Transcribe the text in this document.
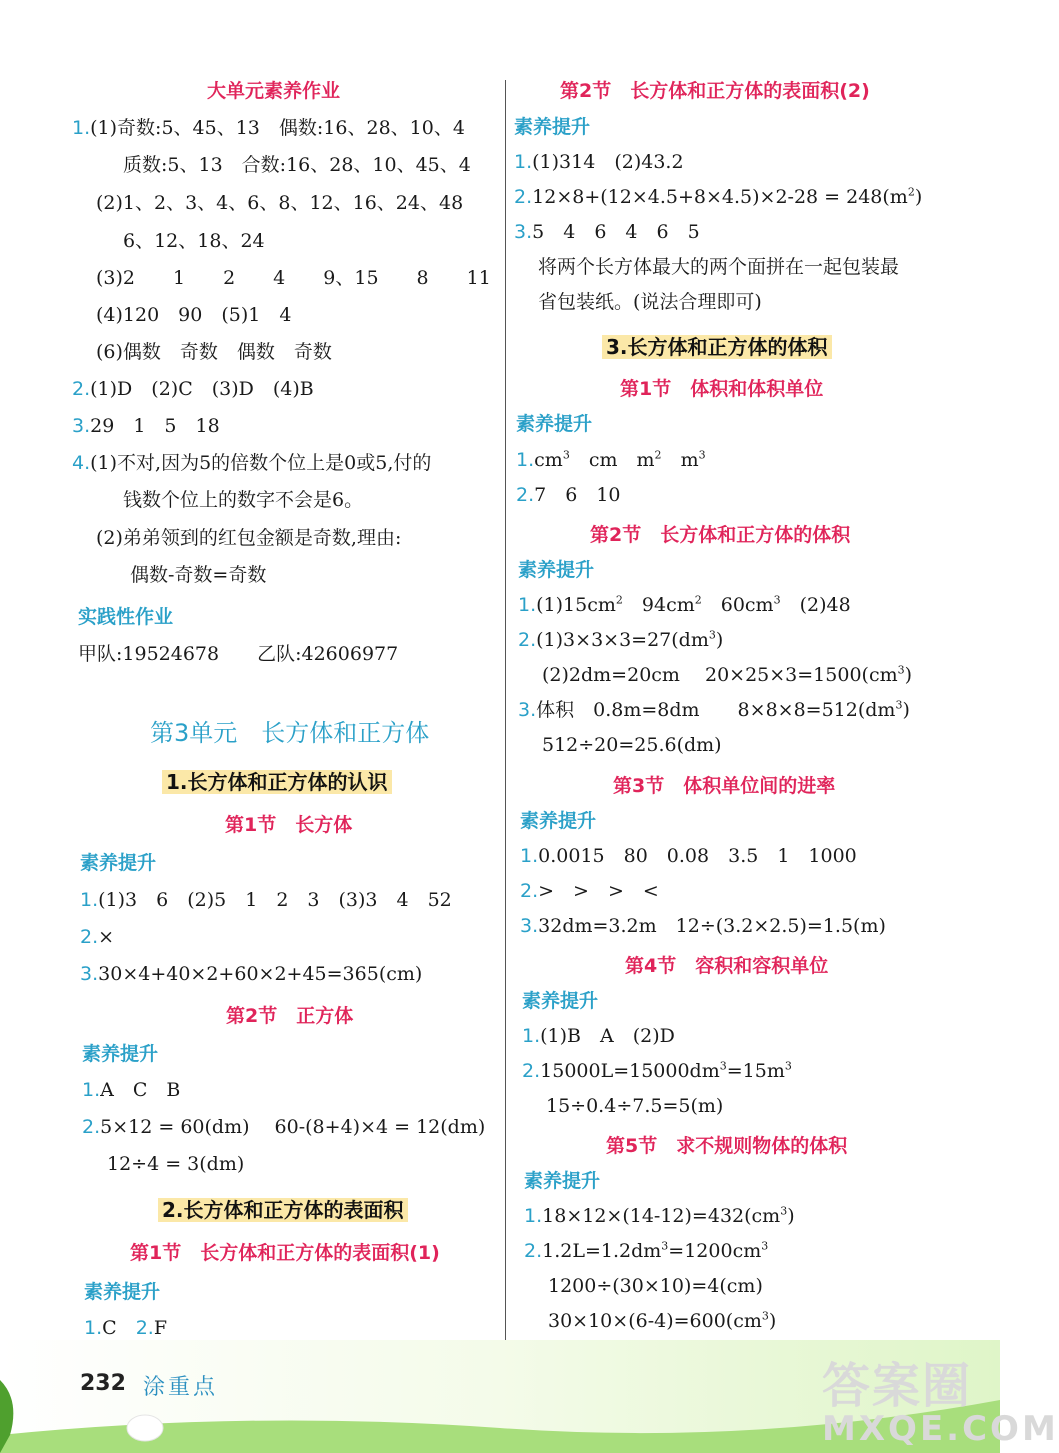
大单元素养作业
1.(1)奇数:5、45、13　偶数:16、28、10、4
质数:5、13　合数:16、28、10、45、4
(2)1、2、3、4、6、8、12、16、24、48
6、12、18、24
(3)2　　1　　2　　4　　9、15　　8　　11
(4)120　90　(5)1　4
(6)偶数　奇数　偶数　奇数
2.(1)D　(2)C　(3)D　(4)B
3.29　1　5　18
4.(1)不对,因为5的倍数个位上是0或5,付的
钱数个位上的数字不会是6。
(2)弟弟领到的红包金额是奇数,理由:
偶数-奇数=奇数
实践性作业
甲队:19524678　　乙队:42606977
第3单元　长方体和正方体
1.长方体和正方体的认识
第1节　长方体
素养提升
1.(1)3　6　(2)5　1　2　3　(3)3　4　52
2.×
3.30×4+40×2+60×2+45=365(cm)
第2节　正方体
素养提升
1.A　C　B
2.5×12 = 60(dm)　 60-(8+4)×4 = 12(dm)
12÷4 = 3(dm)
2.长方体和正方体的表面积
第1节　长方体和正方体的表面积(1)
素养提升
1.C　 2.F
第2节　长方体和正方体的表面积(2)
素养提升
1.(1)314　(2)43.2
$2.12\times 8+(12\times 4.5+8\times 4.5)\times 2-28 = 248(m^2)$
3.5　4　6　4　6　5
将两个长方体最大的两个面拼在一起包装最
省包装纸。(说法合理即可)
3.长方体和正方体的体积
第1节　体积和体积单位
素养提升
$1.cm^3$　 cm　 $m^2$　 $m^3$
2.7　6　10
第2节　长方体和正方体的体积
素养提升
$1.(1)15cm^2$　$94cm^2$　$60cm^3$　(2)48
$2.(1)3\times 3\times 3=27(dm^3)$
(2)2dm=20cm　 $20\times 25\times 3=1500(cm^3)$
3.体积　0.8m=8dm　　$8\times 8\times 8=512(dm^3)$
512÷20=25.6(dm)
第3节　体积单位间的进率
素养提升
1.0.0015　80　0.08　3.5　1　1000
2.>　>　>　<
3.32dm=3.2m　12÷(3.2×2.5)=1.5(m)
第4节　容积和容积单位
素养提升
1.(1)B　A　(2)D
$2.15000L=15000dm^3=15m^3$
15÷0.4÷7.5=5(m)
第5节　求不规则物体的体积
素养提升
$1.18\times 12\times(14-12)=432(cm^3)$
$2.1.2L=1.2dm^3=1200cm^3$
1200÷(30×10)=4(cm)
$30\times 10\times(6-4)=600(cm^3)$
232 涂重点	答案圈
MXQE.COM
